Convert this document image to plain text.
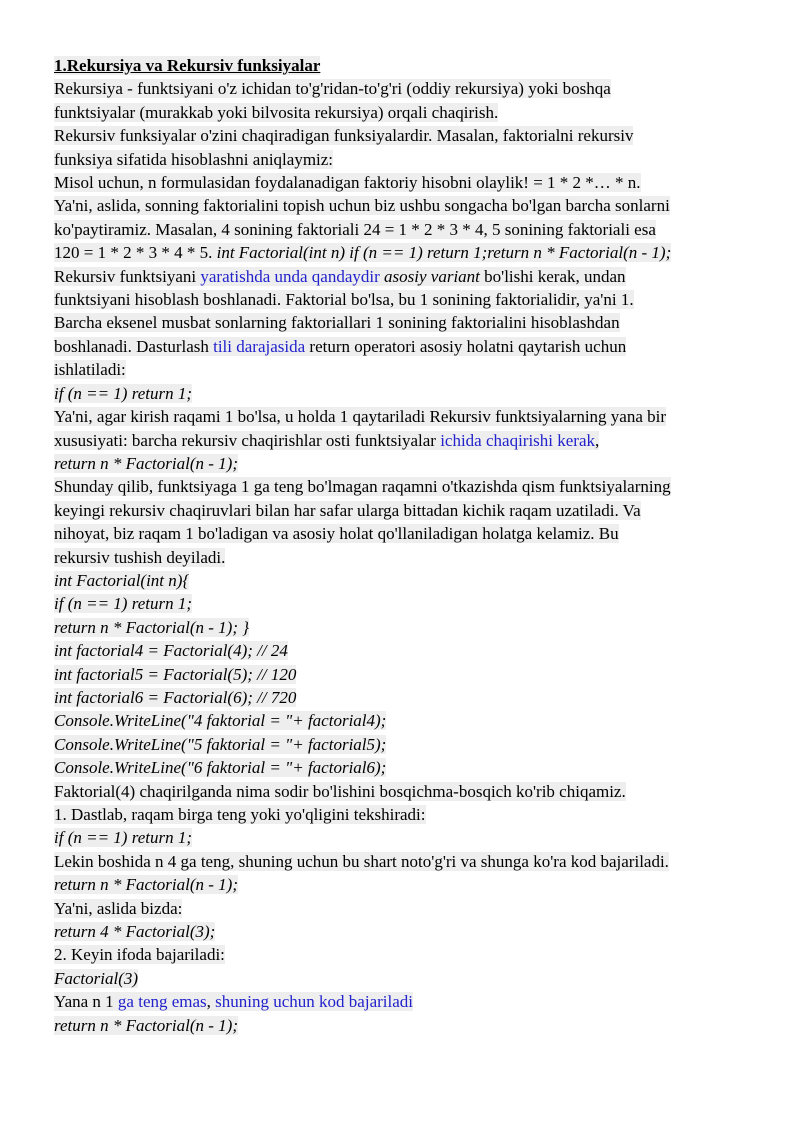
1.Rekursiya va Rekursiv funksiyalar
Rekursiya - funktsiyani o'z ichidan to'g'ridan-to'g'ri (oddiy rekursiya) yoki boshqa
funktsiyalar (murakkab yoki bilvosita rekursiya) orqali chaqirish.
Rekursiv funksiyalar o'zini chaqiradigan funksiyalardir. Masalan, faktorialni rekursiv
funksiya sifatida hisoblashni aniqlaymiz:
Misol uchun, n formulasidan foydalanadigan faktoriy hisobni olaylik! = 1 * 2 *… * n.
Ya'ni, aslida, sonning faktorialini topish uchun biz ushbu songacha bo'lgan barcha sonlarni
ko'paytiramiz. Masalan, 4 sonining faktoriali 24 = 1 * 2 * 3 * 4, 5 sonining faktoriali esa
120 = 1 * 2 * 3 * 4 * 5. int Factorial(int n) if (n == 1) return 1;return n * Factorial(n - 1);
Rekursiv funktsiyani yaratishda unda qandaydir asosiy variant bo'lishi kerak, undan
funktsiyani hisoblash boshlanadi. Faktorial bo'lsa, bu 1 sonining faktorialidir, ya'ni 1.
Barcha eksenel musbat sonlarning faktoriallari 1 sonining faktorialini hisoblashdan
boshlanadi. Dasturlash tili darajasida return operatori asosiy holatni qaytarish uchun
ishlatiladi:
if (n == 1) return 1;
Ya'ni, agar kirish raqami 1 bo'lsa, u holda 1 qaytariladi Rekursiv funktsiyalarning yana bir
xususiyati: barcha rekursiv chaqirishlar osti funktsiyalar ichida chaqirishi kerak,
return n * Factorial(n - 1);
Shunday qilib, funktsiyaga 1 ga teng bo'lmagan raqamni o'tkazishda qism funktsiyalarning
keyingi rekursiv chaqiruvlari bilan har safar ularga bittadan kichik raqam uzatiladi. Va
nihoyat, biz raqam 1 bo'ladigan va asosiy holat qo'llaniladigan holatga kelamiz. Bu
rekursiv tushish deyiladi.
int Factorial(int n){
if (n == 1) return 1;
return n * Factorial(n - 1); }
int factorial4 = Factorial(4); // 24
int factorial5 = Factorial(5); // 120
int factorial6 = Factorial(6); // 720
Console.WriteLine("4 faktorial = "+ factorial4);
Console.WriteLine("5 faktorial = "+ factorial5);
Console.WriteLine("6 faktorial = "+ factorial6);
Faktorial(4) chaqirilganda nima sodir bo'lishini bosqichma-bosqich ko'rib chiqamiz.
1. Dastlab, raqam birga teng yoki yo'qligini tekshiradi:
if (n == 1) return 1;
Lekin boshida n 4 ga teng, shuning uchun bu shart noto'g'ri va shunga ko'ra kod bajariladi.
return n * Factorial(n - 1);
Ya'ni, aslida bizda:
return 4 * Factorial(3);
2. Keyin ifoda bajariladi:
Factorial(3)
Yana n 1 ga teng emas, shuning uchun kod bajariladi
return n * Factorial(n - 1);
